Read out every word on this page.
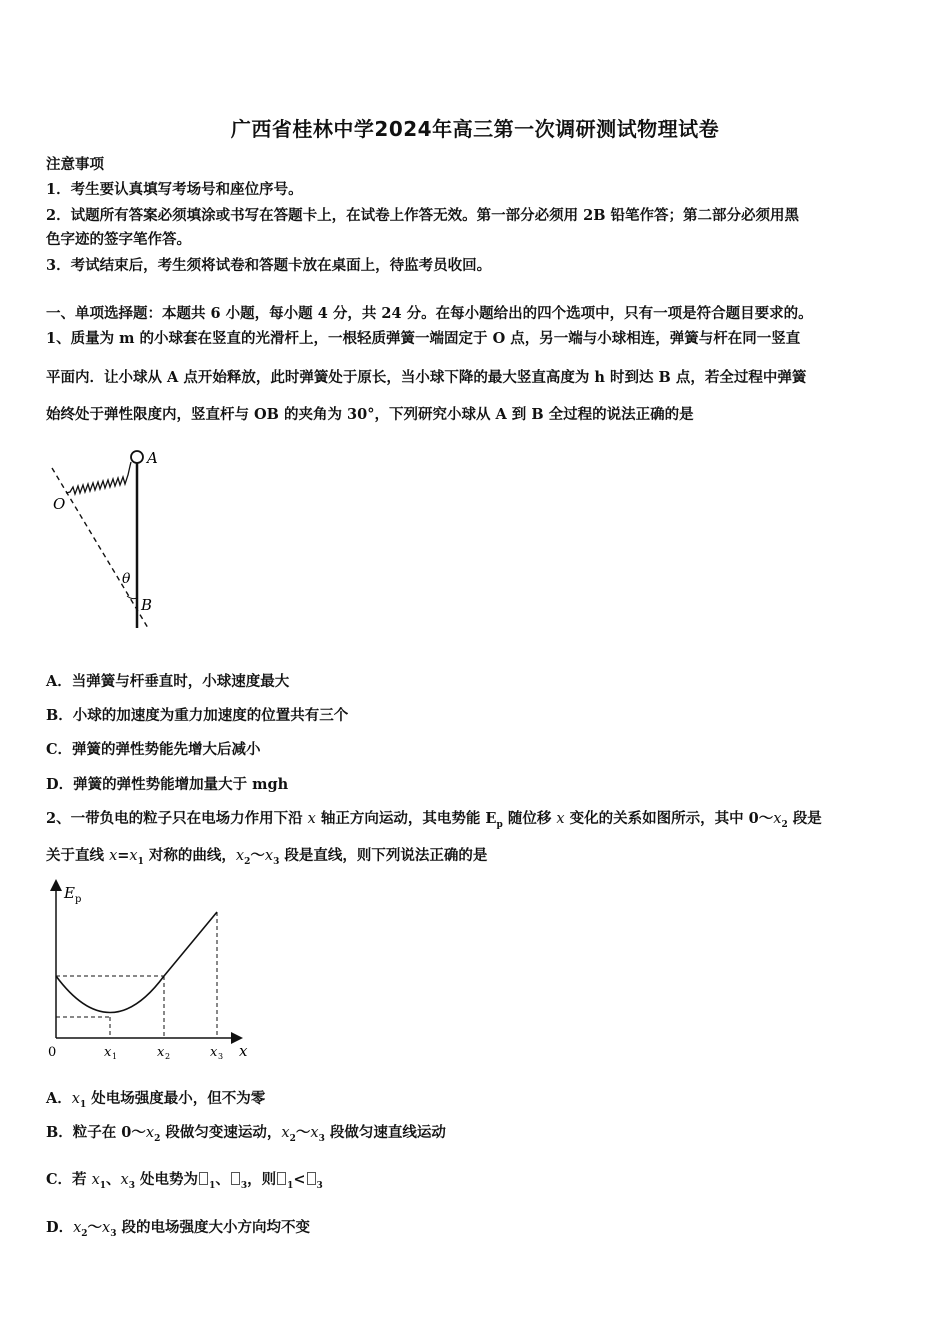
广西省桂林中学2024年高三第一次调研测试物理试卷
注意事项
1．考生要认真填写考场号和座位序号。
2．试题所有答案必须填涂或书写在答题卡上，在试卷上作答无效。第一部分必须用 2B 铅笔作答；第二部分必须用黑
色字迹的签字笔作答。
3．考试结束后，考生须将试卷和答题卡放在桌面上，待监考员收回。
一、单项选择题：本题共 6 小题，每小题 4 分，共 24 分。在每小题给出的四个选项中，只有一项是符合题目要求的。
1、质量为 m 的小球套在竖直的光滑杆上，一根轻质弹簧一端固定于 O 点，另一端与小球相连，弹簧与杆在同一竖直
平面内．让小球从 A 点开始释放，此时弹簧处于原长，当小球下降的最大竖直高度为 h 时到达 B 点，若全过程中弹簧
始终处于弹性限度内，竖直杆与 OB 的夹角为 30°，下列研究小球从 A 到 B 全过程的说法正确的是
A
O
θ
B
A．当弹簧与杆垂直时，小球速度最大
B．小球的加速度为重力加速度的位置共有三个
C．弹簧的弹性势能先增大后减小
D．弹簧的弹性势能增加量大于 mgh
2、一带负电的粒子只在电场力作用下沿 x 轴正方向运动，其电势能 $E_p$ 随位移 x 变化的关系如图所示，其中 $0\sim x_2$ 段是
关于直线 $x=x_1$ 对称的曲线，$x_2\sim x_3$ 段是直线，则下列说法正确的是
E p
0	x 1	x 2	x 3 x
A．$x_1$ 处电场强度最小，但不为零
B．粒子在 $0\sim x_2$ 段做匀变速运动，$x_2\sim x_3$ 段做匀速直线运动
C．若 $x_1$、$x_3$ 处电势为 $_1$、 $_3$，则 $_1$< $_3$
D．$x_2\sim x_3$ 段的电场强度大小方向均不变
